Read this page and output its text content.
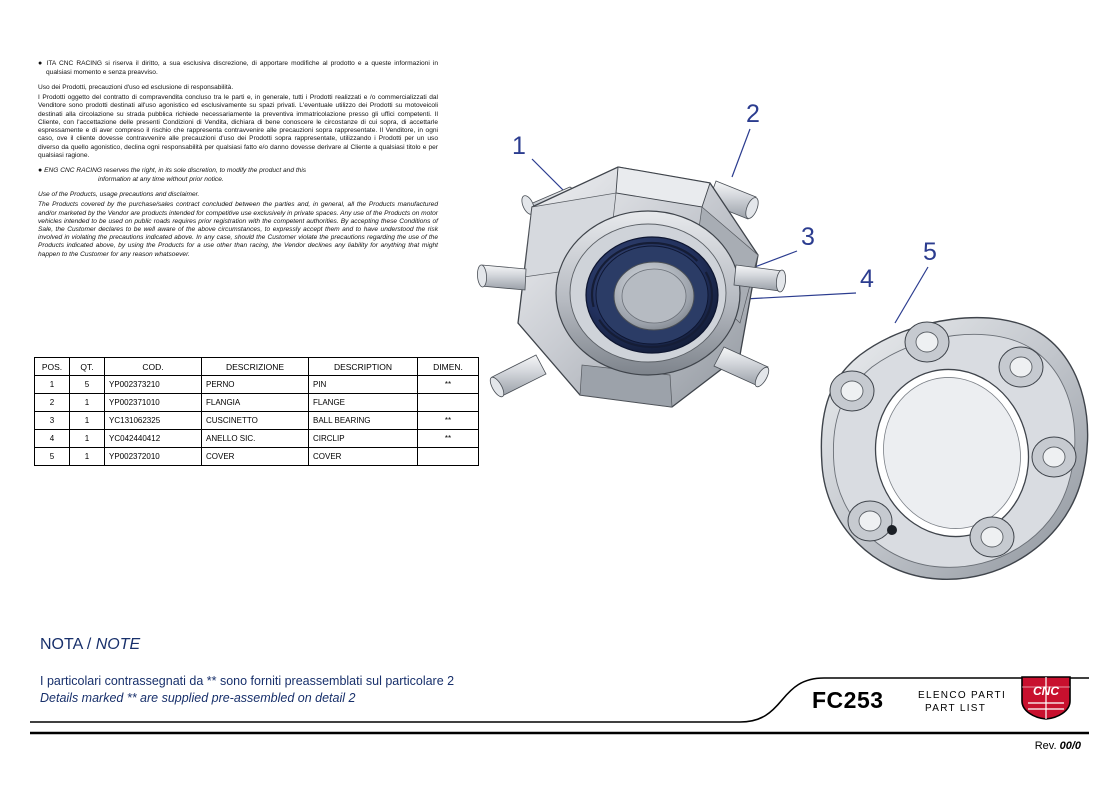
● ITA CNC RACING si riserva il diritto, a sua esclusiva discrezione, di apportare modifiche al prodotto e a queste informazioni in qualsiasi momento e senza preavviso.

Uso dei Prodotti, precauzioni d'uso ed esclusione di responsabilità.

I Prodotti oggetto del contratto di compravendita concluso tra le parti e, in generale, tutti i Prodotti realizzati e /o commercializzati dal Venditore sono prodotti destinati all'uso agonistico ed esclusivamente su spazi privati. L'eventuale utilizzo dei Prodotti su motoveicoli destinati alla circolazione su strada pubblica richiede necessariamente la preventiva immatricolazione presso gli uffici competenti. Il Cliente, con l'accettazione delle presenti Condizioni di Vendita, dichiara di bene conoscere le circostanze di cui sopra, di accettarle espressamente e di aver compreso il rischio che rappresenta contravvenire alle precauzioni sopra rappresentate. Il Venditore, in ogni caso, ove il cliente dovesse contravvenire alle precauzioni d'uso dei Prodotti sopra rappresentate, utilizzando i Prodotti per un uso diverso da quello agonistico, declina ogni responsabilità per qualsiasi fatto e/o danno dovesse derivare al Cliente a qualsiasi titolo e per qualsiasi ragione.

● ENG CNC RACING reserves the right, in its sole discretion, to modify the product and this
information at any time without prior notice.

Use of the Products, usage precautions and disclaimer.

The Products covered by the purchase/sales contract concluded between the parties and, in general, all the Products manufactured and/or marketed by the Vendor are products intended for competitive use exclusively in private spaces. Any use of the Products on motor vehicles intended to be used on public roads requires prior registration with the competent authorities. By accepting these Conditions of Sale, the Customer declares to be well aware of the above circumstances, to expressly accept them and to have understood the risk involved in violating the precautions indicated above. In any case, should the Customer violate the precautions regarding the use of the Products indicated above, by using the Products for a use other than racing, the Vendor declines any liability for anything that might happen to the Customer for any reason whatsoever.

POS.	QT.	COD.	DESCRIZIONE	DESCRIPTION	DIMEN.
1	5	YP002373210	PERNO	PIN	**
2	1	YP002371010	FLANGIA	FLANGE	
3	1	YC131062325	CUSCINETTO	BALL BEARING	**
4	1	YC042440412	ANELLO SIC.	CIRCLIP	**
5	1	YP002372010	COVER	COVER	
1
2
3
4
5
NOTA / NOTE
I particolari contrassegnati da ** sono forniti preassemblati sul particolare 2
Details marked ** are supplied pre-assembled on detail 2	FC253	ELENCO PARTI
PART LIST
CNC
Rev. 00/0
